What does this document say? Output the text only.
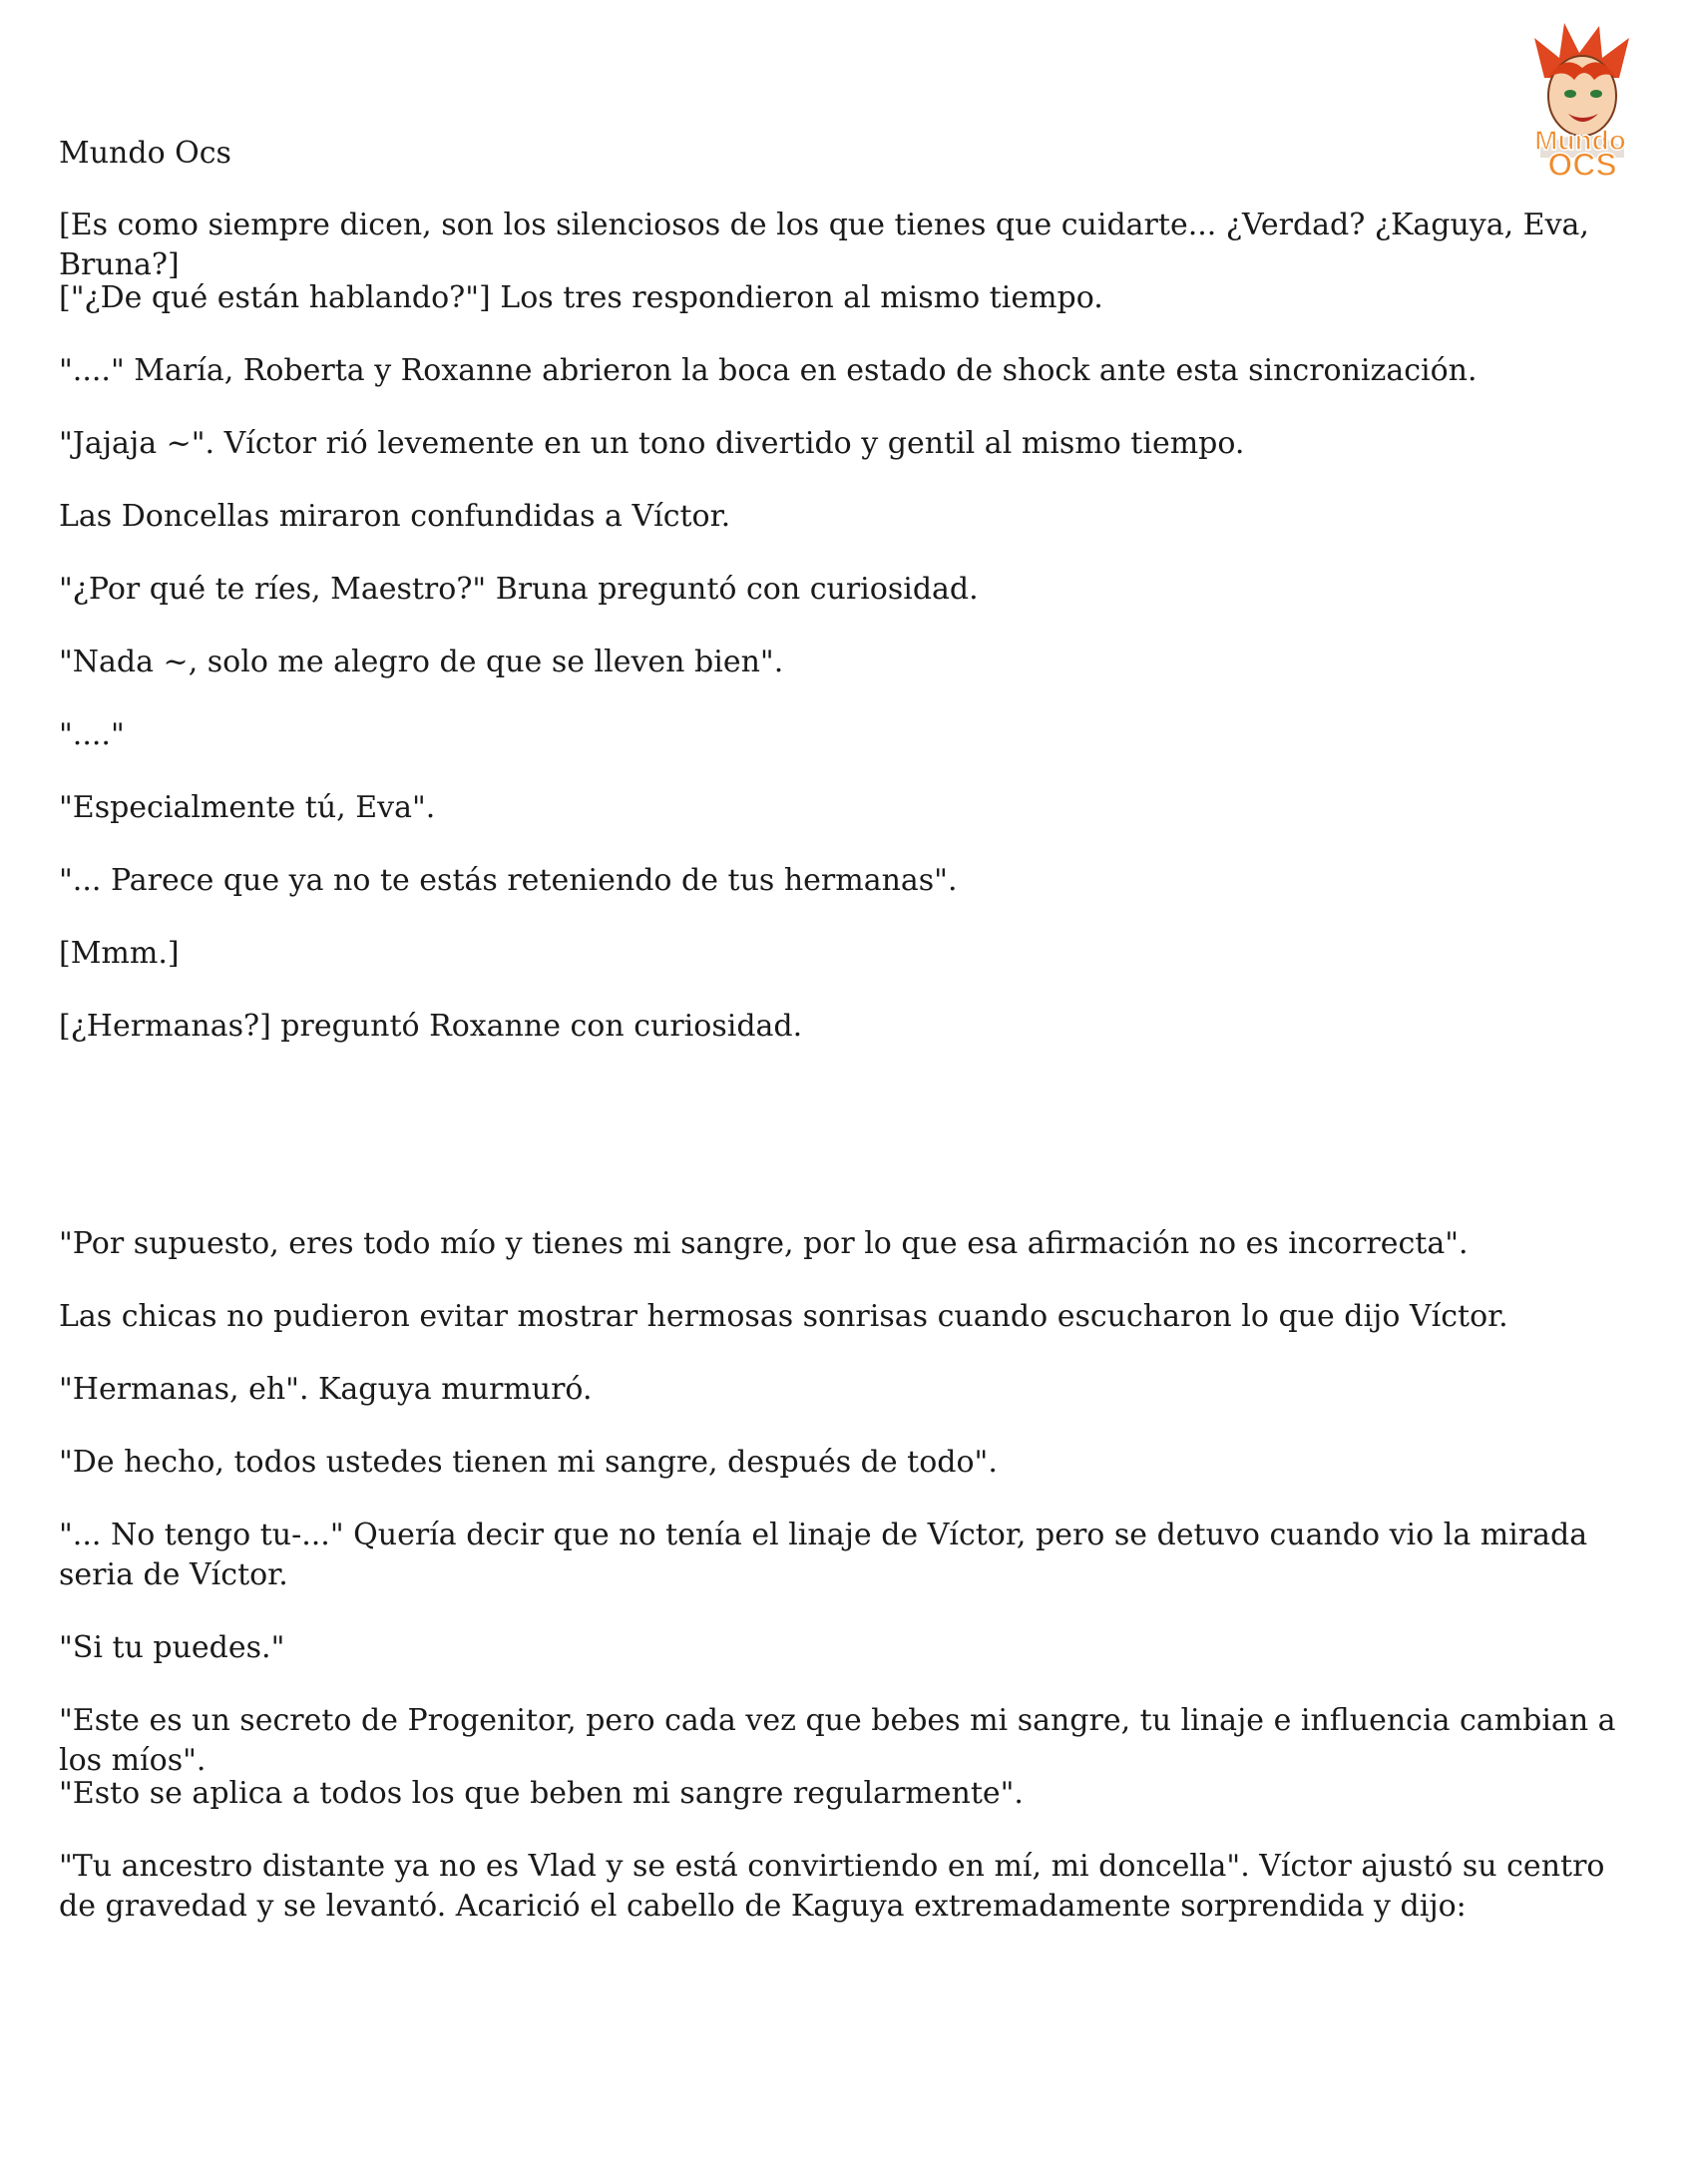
Mundo Ocs	Mundo
OCS

[Es como siempre dicen, son los silenciosos de los que tienes que cuidarte... ¿Verdad? ¿Kaguya, Eva, Bruna?]

["¿De qué están hablando?"] Los tres respondieron al mismo tiempo.

"...." María, Roberta y Roxanne abrieron la boca en estado de shock ante esta sincronización.

"Jajaja ~". Víctor rió levemente en un tono divertido y gentil al mismo tiempo.

Las Doncellas miraron confundidas a Víctor.

"¿Por qué te ríes, Maestro?" Bruna preguntó con curiosidad.

"Nada ~, solo me alegro de que se lleven bien".

"...."

"Especialmente tú, Eva".

"... Parece que ya no te estás reteniendo de tus hermanas".

[Mmm.]

[¿Hermanas?] preguntó Roxanne con curiosidad.

"Por supuesto, eres todo mío y tienes mi sangre, por lo que esa afirmación no es incorrecta".

Las chicas no pudieron evitar mostrar hermosas sonrisas cuando escucharon lo que dijo Víctor.

"Hermanas, eh". Kaguya murmuró.

"De hecho, todos ustedes tienen mi sangre, después de todo".

"... No tengo tu-..." Quería decir que no tenía el linaje de Víctor, pero se detuvo cuando vio la mirada seria de Víctor.

"Si tu puedes."

"Este es un secreto de Progenitor, pero cada vez que bebes mi sangre, tu linaje e influencia cambian a los míos".

"Esto se aplica a todos los que beben mi sangre regularmente".

"Tu ancestro distante ya no es Vlad y se está convirtiendo en mí, mi doncella". Víctor ajustó su centro de gravedad y se levantó. Acarició el cabello de Kaguya extremadamente sorprendida y dijo:
